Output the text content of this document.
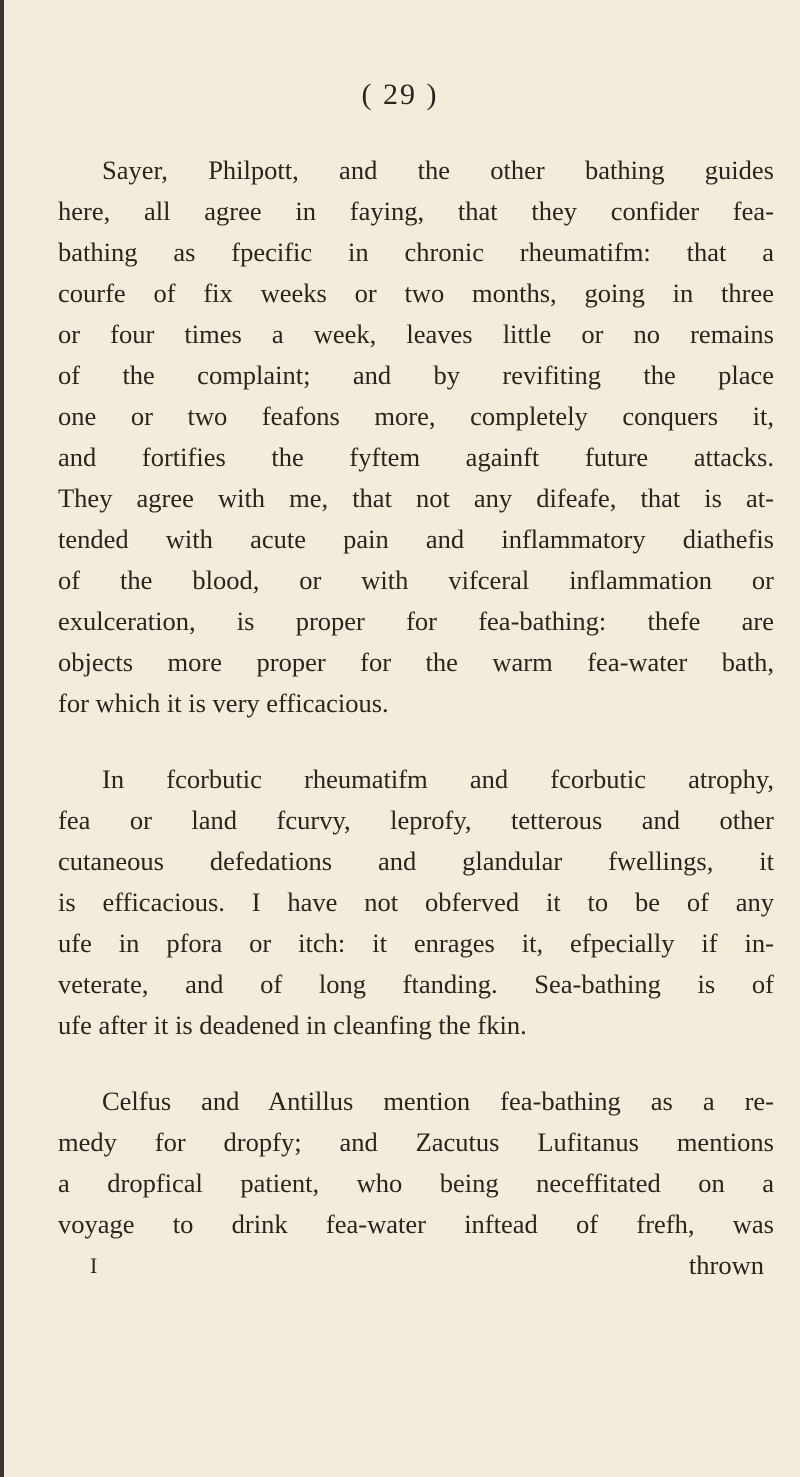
( 29 )
Sayer, Philpott, and the other bathing guides
here, all agree in faying, that they confider fea-
bathing as fpecific in chronic rheumatifm: that a
courfe of fix weeks or two months, going in three
or four times a week, leaves little or no remains
of the complaint; and by revifiting the place
one or two feafons more, completely conquers it,
and fortifies the fyftem againft future attacks.
They agree with me, that not any difeafe, that is at-
tended with acute pain and inflammatory diathefis
of the blood, or with vifceral inflammation or
exulceration, is proper for fea-bathing: thefe are
objects more proper for the warm fea-water bath,
for which it is very efficacious.
In fcorbutic rheumatifm and fcorbutic atrophy,
fea or land fcurvy, leprofy, tetterous and other
cutaneous defedations and glandular fwellings, it
is efficacious. I have not obferved it to be of any
ufe in pfora or itch: it enrages it, efpecially if in-
veterate, and of long ftanding. Sea-bathing is of
ufe after it is deadened in cleanfing the fkin.
Celfus and Antillus mention fea-bathing as a re-
medy for dropfy; and Zacutus Lufitanus mentions
a dropfical patient, who being neceffitated on a
voyage to drink fea-water inftead of frefh, was
I	thrown
